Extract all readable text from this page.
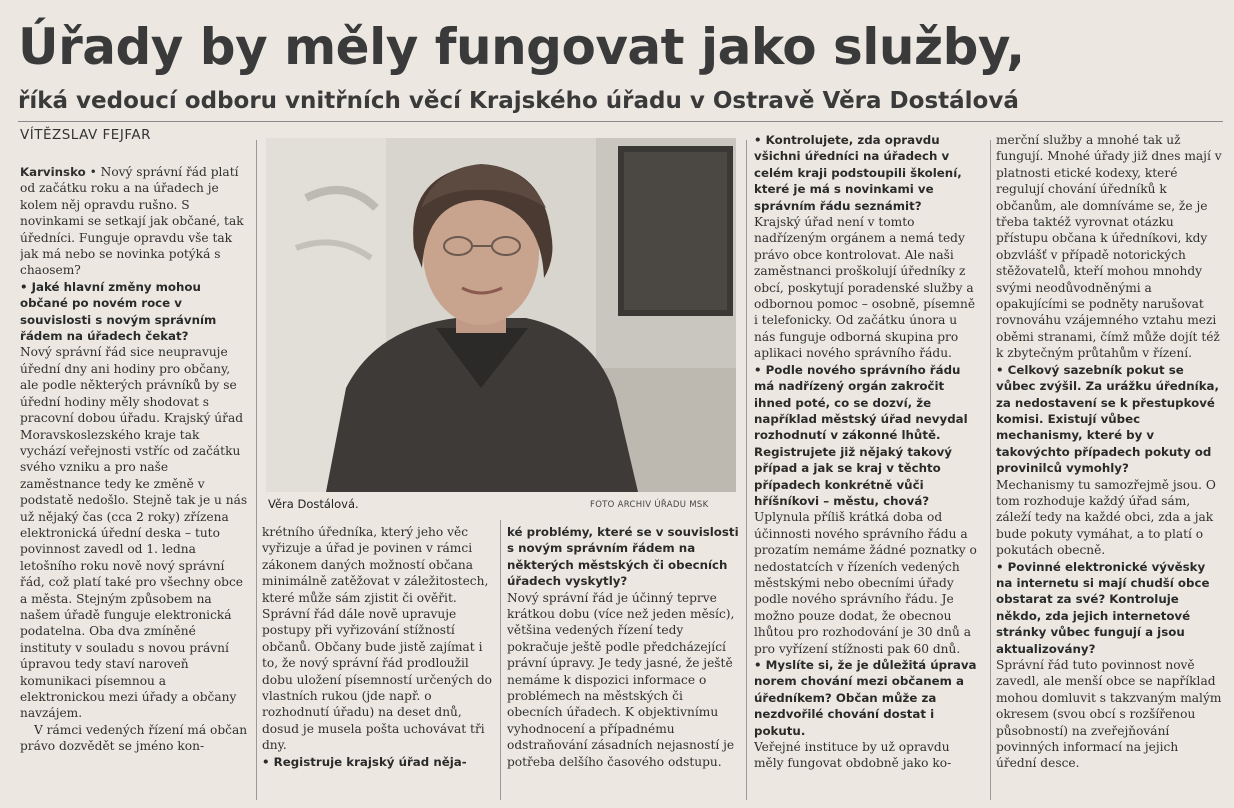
Úřady by měly fungovat jako služby,
říká vedoucí odboru vnitřních věcí Krajského úřadu v Ostravě Věra Dostálová
VÍTĚZSLAV FEJFAR

Karvinsko • Nový správní řád platí od začátku roku a na úřadech je kolem něj opravdu rušno. S novinkami se setkají jak občané, tak úředníci. Funguje opravdu vše tak jak má nebo se novinka potýká s chaosem?

• Jaké hlavní změny mohou občané po novém roce v souvislosti s novým správním řádem na úřadech čekat?

Nový správní řád sice neupravuje úřední dny ani hodiny pro občany, ale podle některých právníků by se úřední hodiny měly shodovat s pracovní dobou úřadu. Krajský úřad Moravskoslezského kraje tak vychází veřejnosti vstříc od začátku svého vzniku a pro naše zaměstnance tedy ke změně v podstatě nedošlo. Stejně tak je u nás už nějaký čas (cca 2 roky) zřízena elektronická úřední deska – tuto povinnost zavedl od 1. ledna letošního roku nově nový správní řád, což platí také pro všechny obce a města. Stejným způsobem na našem úřadě funguje elektronická podatelna. Oba dva zmíněné instituty v souladu s novou právní úpravou tedy staví naroveň komunikaci písemnou a elektronickou mezi úřady a občany navzájem.

V rámci vedených řízení má občan právo dozvědět se jméno kon-

Věra Dostálová.	FOTO ARCHIV ÚŘADU MSK

krétního úředníka, který jeho věc vyřizuje a úřad je povinen v rámci zákonem daných možností občana minimálně zatěžovat v záležitostech, které může sám zjistit či ověřit. Správní řád dále nově upravuje postupy při vyřizování stížností občanů. Občany bude jistě zajímat i to, že nový správní řád prodloužil dobu uložení písemností určených do vlastních rukou (jde např. o rozhodnutí úřadu) na deset dnů, dosud je musela pošta uchovávat tři dny.

• Registruje krajský úřad něja-

ké problémy, které se v souvislosti s novým správním řádem na některých městských či obecních úřadech vyskytly?

Nový správní řád je účinný teprve krátkou dobu (více než jeden měsíc), většina vedených řízení tedy pokračuje ještě podle předcházející právní úpravy. Je tedy jasné, že ještě nemáme k dispozici informace o problémech na městských či obecních úřadech. K objektivnímu vyhodnocení a případnému odstraňování zásadních nejasností je potřeba delšího časového odstupu.

• Kontrolujete, zda opravdu všichni úředníci na úřadech v celém kraji podstoupili školení, které je má s novinkami ve správním řádu seznámit?

Krajský úřad není v tomto nadřízeným orgánem a nemá tedy právo obce kontrolovat. Ale naši zaměstnanci proškolují úředníky z obcí, poskytují poradenské služby a odbornou pomoc – osobně, písemně i telefonicky. Od začátku února u nás funguje odborná skupina pro aplikaci nového správního řádu.

• Podle nového správního řádu má nadřízený orgán zakročit ihned poté, co se dozví, že například městský úřad nevydal rozhodnutí v zákonné lhůtě. Registrujete již nějaký takový případ a jak se kraj v těchto případech konkrétně vůči hříšníkovi – městu, chová?

Uplynula příliš krátká doba od účinnosti nového správního řádu a prozatím nemáme žádné poznatky o nedostatcích v řízeních vedených městskými nebo obecními úřady podle nového správního řádu. Je možno pouze dodat, že obecnou lhůtou pro rozhodování je 30 dnů a pro vyřízení stížnosti pak 60 dnů.

• Myslíte si, že je důležitá úprava norem chování mezi občanem a úředníkem? Občan může za nezdvořilé chování dostat i pokutu.

Veřejné instituce by už opravdu měly fungovat obdobně jako ko-

merční služby a mnohé tak už fungují. Mnohé úřady již dnes mají v platnosti etické kodexy, které regulují chování úředníků k občanům, ale domníváme se, že je třeba taktéž vyrovnat otázku přístupu občana k úředníkovi, kdy obzvlášť v případě notorických stěžovatelů, kteří mohou mnohdy svými neodůvodněnými a opakujícími se podněty narušovat rovnováhu vzájemného vztahu mezi oběmi stranami, čímž může dojít též k zbytečným průtahům v řízení.

• Celkový sazebník pokut se vůbec zvýšil. Za urážku úředníka, za nedostavení se k přestupkové komisi. Existují vůbec mechanismy, které by v takovýchto případech pokuty od provinilců vymohly?

Mechanismy tu samozřejmě jsou. O tom rozhoduje každý úřad sám, záleží tedy na každé obci, zda a jak bude pokuty vymáhat, a to platí o pokutách obecně.

• Povinné elektronické vývěsky na internetu si mají chudší obce obstarat za své? Kontroluje někdo, zda jejich internetové stránky vůbec fungují a jsou aktualizovány?

Správní řád tuto povinnost nově zavedl, ale menší obce se například mohou domluvit s takzvaným malým okresem (svou obcí s rozšířenou působností) na zveřejňování povinných informací na jejich úřední desce.
